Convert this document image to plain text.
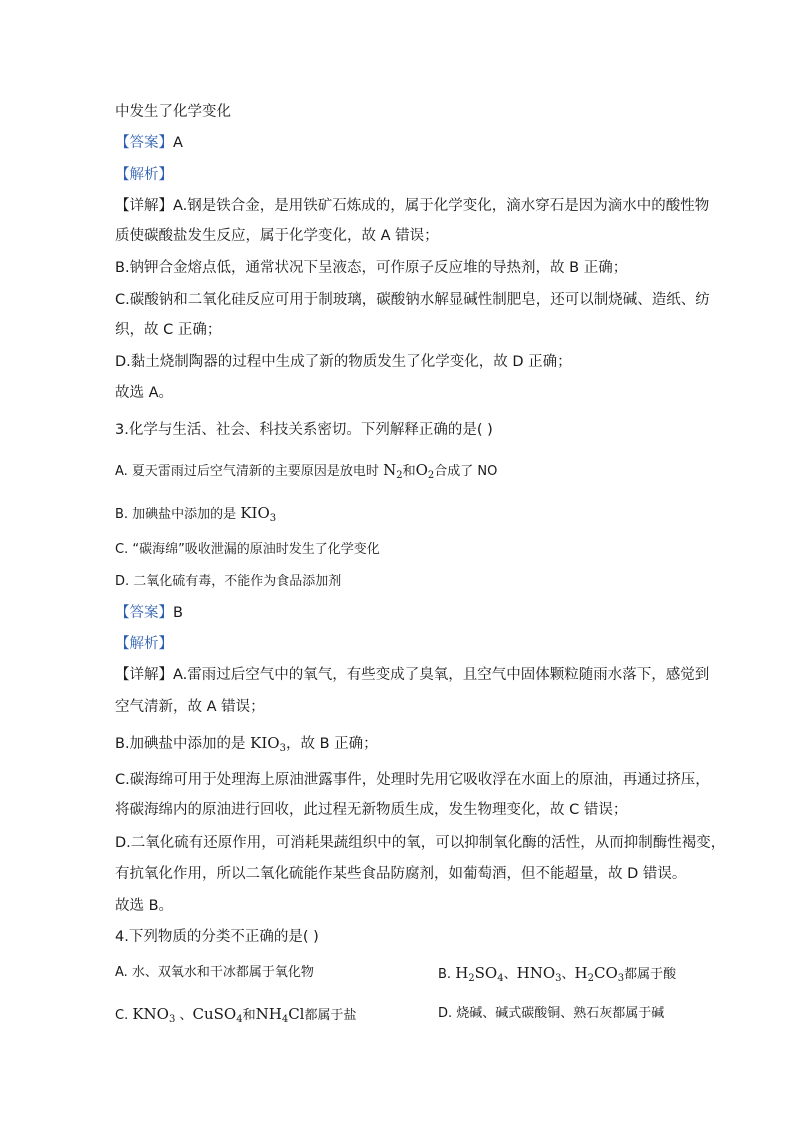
中发生了化学变化
【答案】A
【解析】
【详解】A.钢是铁合金，是用铁矿石炼成的，属于化学变化，滴水穿石是因为滴水中的酸性物
质使碳酸盐发生反应，属于化学变化，故 A 错误；
B.钠钾合金熔点低，通常状况下呈液态，可作原子反应堆的导热剂，故 B 正确；
C.碳酸钠和二氧化硅反应可用于制玻璃，碳酸钠水解显碱性制肥皂，还可以制烧碱、造纸、纺
织，故 C 正确；
D.黏土烧制陶器的过程中生成了新的物质发生了化学变化，故 D 正确；
故选 A。
3.化学与生活、社会、科技关系密切。下列解释正确的是( )
A. 夏天雷雨过后空气清新的主要原因是放电时 $N_2$和$O_2$合成了 NO
B. 加碘盐中添加的是 $KIO_3$
C. “碳海绵”吸收泄漏的原油时发生了化学变化
D. 二氧化硫有毒，不能作为食品添加剂
【答案】B
【解析】
【详解】A.雷雨过后空气中的氧气，有些变成了臭氧，且空气中固体颗粒随雨水落下，感觉到
空气清新，故 A 错误；
B.加碘盐中添加的是 $KIO_3$，故 B 正确；
C.碳海绵可用于处理海上原油泄露事件，处理时先用它吸收浮在水面上的原油，再通过挤压，
将碳海绵内的原油进行回收，此过程无新物质生成，发生物理变化，故 C 错误；
D.二氧化硫有还原作用，可消耗果蔬组织中的氧，可以抑制氧化酶的活性，从而抑制酶性褐变，
有抗氧化作用，所以二氧化硫能作某些食品防腐剂，如葡萄酒，但不能超量，故 D 错误。
故选 B。
4.下列物质的分类不正确的是( )
A. 水、双氧水和干冰都属于氧化物	B. $H_2SO_4$、$HNO_3$、$H_2CO_3$都属于酸
C. $KNO_3$ 、CuSO$_4$和$NH_4Cl$都属于盐	D. 烧碱、碱式碳酸铜、熟石灰都属于碱
